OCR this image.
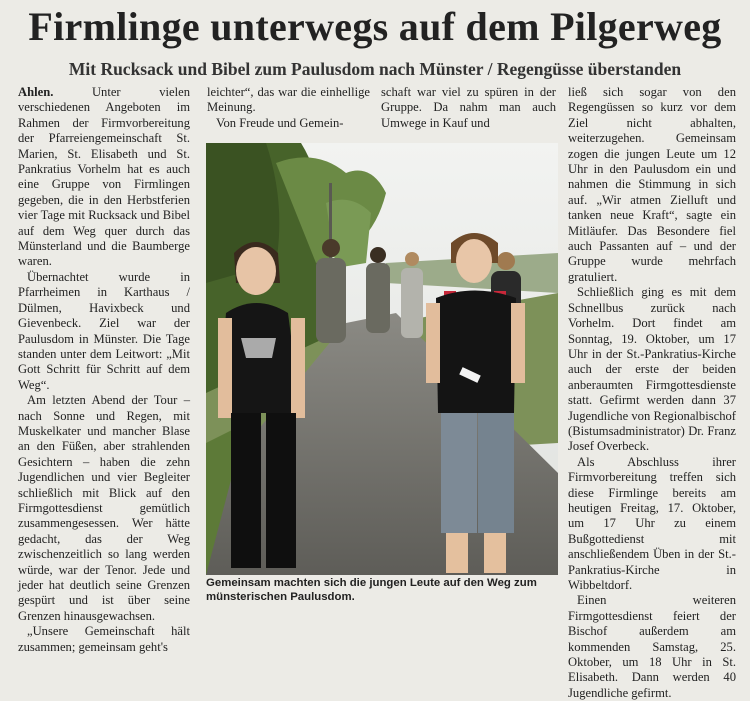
Firmlinge unterwegs auf dem Pilgerweg
Mit Rucksack und Bibel zum Paulusdom nach Münster / Regengüsse überstanden

Ahlen.	Unter vielen verschiedenen Angeboten im Rahmen der Firmvorbereitung der Pfarreiengemeinschaft St. Marien, St. Elisabeth und St. Pankratius Vorhelm hat es auch eine Gruppe von Firmlingen gegeben, die in den Herbstferien vier Tage mit Rucksack und Bibel auf dem Weg quer durch das Münsterland und die Baumberge waren.

Übernachtet wurde in Pfarrheimen in Karthaus / Dülmen, Havixbeck und Gievenbeck. Ziel war der Paulusdom in Münster. Die Tage standen unter dem Leitwort: „Mit Gott Schritt für Schritt auf dem Weg“.

Am letzten Abend der Tour – nach Sonne und Regen, mit Muskelkater und mancher Blase an den Füßen, aber strahlenden Gesichtern – haben die zehn Jugendlichen und vier Begleiter schließlich mit Blick auf den Firmgottesdienst gemütlich zusammengesessen. Wer hätte gedacht, das der Weg zwischenzeitlich so lang werden würde, war der Tenor. Jede und jeder hat deutlich seine Grenzen gespürt und ist über seine Grenzen hinausgewachsen.

„Unsere Gemeinschaft hält zusammen; gemeinsam geht's

leichter“, das war die einhellige Meinung.

Von Freude und Gemein-

schaft war viel zu spüren in der Gruppe. Da nahm man auch Umwege in Kauf und

ließ sich sogar von den Regengüssen so kurz vor dem Ziel nicht abhalten, weiterzugehen. Gemeinsam zogen die jungen Leute um 12 Uhr in den Paulusdom ein und nahmen die Stimmung in sich auf. „Wir atmen Zielluft und tanken neue Kraft“, sagte ein Mitläufer. Das Besondere fiel auch Passanten auf – und der Gruppe wurde mehrfach gratuliert.

Schließlich ging es mit dem Schnellbus zurück nach Vorhelm. Dort findet am Sonntag, 19. Oktober, um 17 Uhr in der St.-Pankratius-Kirche auch der erste der beiden anberaumten Firmgottesdienste statt. Gefirmt werden dann 37 Jugendliche von Regionalbischof (Bistumsadministrator) Dr. Franz Josef Overbeck.

Als Abschluss ihrer Firmvorbereitung treffen sich diese Firmlinge bereits am heutigen Freitag, 17. Oktober, um 17 Uhr zu einem Bußgottedienst mit anschließendem Üben in der St.-Pankratius-Kirche in Wibbeltdorf.

Einen weiteren Firmgottesdienst feiert der Bischof außerdem am kommenden Samstag, 25. Oktober, um 18 Uhr in St. Elisabeth. Dann werden 40 Jugendliche gefirmt.

Gemeinsam machten sich die jungen Leute auf den Weg zum münsterischen Paulusdom.
